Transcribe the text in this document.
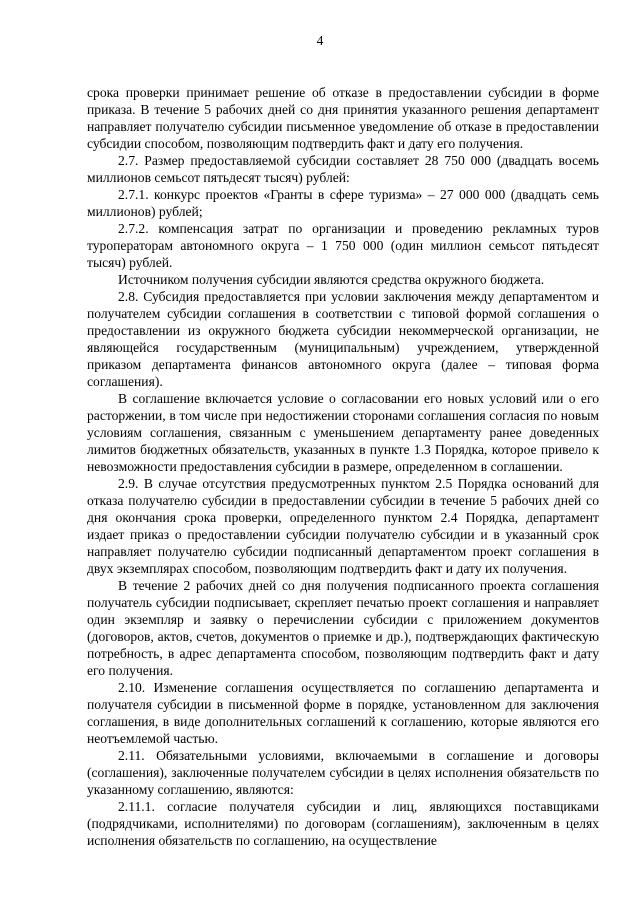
4

срока проверки принимает решение об отказе в предоставлении субсидии в форме приказа. В течение 5 рабочих дней со дня принятия указанного решения департамент направляет получателю субсидии письменное уведомление об отказе в предоставлении субсидии способом, позволяющим подтвердить факт и дату его получения.

2.7. Размер предоставляемой субсидии составляет 28 750 000 (двадцать восемь миллионов семьсот пятьдесят тысяч) рублей:

2.7.1. конкурс проектов «Гранты в сфере туризма» – 27 000 000 (двадцать семь миллионов) рублей;

2.7.2. компенсация затрат по организации и проведению рекламных туров туроператорам автономного округа – 1 750 000 (один миллион семьсот пятьдесят тысяч) рублей.

Источником получения субсидии являются средства окружного бюджета.

2.8. Субсидия предоставляется при условии заключения между департаментом и получателем субсидии соглашения в соответствии с типовой формой соглашения о предоставлении из окружного бюджета субсидии некоммерческой организации, не являющейся государственным (муниципальным) учреждением, утвержденной приказом департамента финансов автономного округа (далее – типовая форма соглашения).

В соглашение включается условие о согласовании его новых условий или о его расторжении, в том числе при недостижении сторонами соглашения согласия по новым условиям соглашения, связанным с уменьшением департаменту ранее доведенных лимитов бюджетных обязательств, указанных в пункте 1.3 Порядка, которое привело к невозможности предоставления субсидии в размере, определенном в соглашении.

2.9. В случае отсутствия предусмотренных пунктом 2.5 Порядка оснований для отказа получателю субсидии в предоставлении субсидии в течение 5 рабочих дней со дня окончания срока проверки, определенного пунктом 2.4 Порядка, департамент издает приказ о предоставлении субсидии получателю субсидии и в указанный срок направляет получателю субсидии подписанный департаментом проект соглашения в двух экземплярах способом, позволяющим подтвердить факт и дату их получения.

В течение 2 рабочих дней со дня получения подписанного проекта соглашения получатель субсидии подписывает, скрепляет печатью проект соглашения и направляет один экземпляр и заявку о перечислении субсидии с приложением документов (договоров, актов, счетов, документов о приемке и др.), подтверждающих фактическую потребность, в адрес департамента способом, позволяющим подтвердить факт и дату его получения.

2.10. Изменение соглашения осуществляется по соглашению департамента и получателя субсидии в письменной форме в порядке, установленном для заключения соглашения, в виде дополнительных соглашений к соглашению, которые являются его неотъемлемой частью.

2.11. Обязательными условиями, включаемыми в соглашение и договоры (соглашения), заключенные получателем субсидии в целях исполнения обязательств по указанному соглашению, являются:

2.11.1. согласие получателя субсидии и лиц, являющихся поставщиками (подрядчиками, исполнителями) по договорам (соглашениям), заключенным в целях исполнения обязательств по соглашению, на осуществление
